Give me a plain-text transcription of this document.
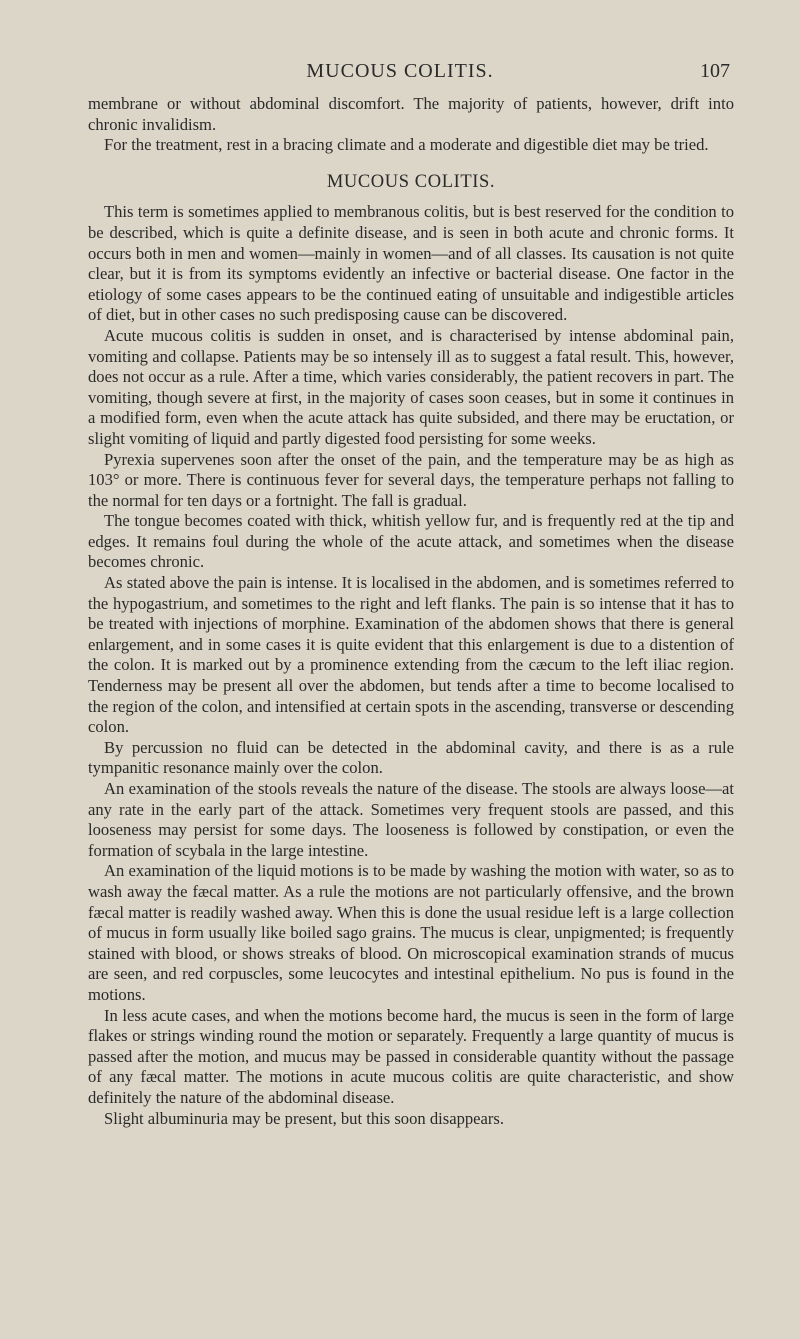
MUCOUS COLITIS.	107

membrane or without abdominal discomfort. The majority of patients, however, drift into chronic invalidism.

For the treatment, rest in a bracing climate and a moderate and digestible diet may be tried.

MUCOUS COLITIS.

This term is sometimes applied to membranous colitis, but is best reserved for the condition to be described, which is quite a definite disease, and is seen in both acute and chronic forms. It occurs both in men and women—mainly in women—and of all classes. Its causation is not quite clear, but it is from its symptoms evidently an infective or bacterial disease. One factor in the etiology of some cases appears to be the continued eating of unsuitable and indigestible articles of diet, but in other cases no such predisposing cause can be discovered.

Acute mucous colitis is sudden in onset, and is characterised by intense abdominal pain, vomiting and collapse. Patients may be so intensely ill as to suggest a fatal result. This, however, does not occur as a rule. After a time, which varies considerably, the patient recovers in part. The vomiting, though severe at first, in the majority of cases soon ceases, but in some it continues in a modified form, even when the acute attack has quite subsided, and there may be eructation, or slight vomiting of liquid and partly digested food persisting for some weeks.

Pyrexia supervenes soon after the onset of the pain, and the temperature may be as high as 103° or more. There is continuous fever for several days, the temperature perhaps not falling to the normal for ten days or a fortnight. The fall is gradual.

The tongue becomes coated with thick, whitish yellow fur, and is frequently red at the tip and edges. It remains foul during the whole of the acute attack, and sometimes when the disease becomes chronic.

As stated above the pain is intense. It is localised in the abdomen, and is sometimes referred to the hypogastrium, and sometimes to the right and left flanks. The pain is so intense that it has to be treated with injections of morphine. Examination of the abdomen shows that there is general enlargement, and in some cases it is quite evident that this enlargement is due to a distention of the colon. It is marked out by a prominence extending from the cæcum to the left iliac region. Tenderness may be present all over the abdomen, but tends after a time to become localised to the region of the colon, and intensified at certain spots in the ascending, transverse or descending colon.

By percussion no fluid can be detected in the abdominal cavity, and there is as a rule tympanitic resonance mainly over the colon.

An examination of the stools reveals the nature of the disease. The stools are always loose—at any rate in the early part of the attack. Sometimes very frequent stools are passed, and this looseness may persist for some days. The looseness is followed by constipation, or even the formation of scybala in the large intestine.

An examination of the liquid motions is to be made by washing the motion with water, so as to wash away the fæcal matter. As a rule the motions are not particularly offensive, and the brown fæcal matter is readily washed away. When this is done the usual residue left is a large collection of mucus in form usually like boiled sago grains. The mucus is clear, unpigmented; is frequently stained with blood, or shows streaks of blood. On microscopical examination strands of mucus are seen, and red corpuscles, some leucocytes and intestinal epithelium. No pus is found in the motions.

In less acute cases, and when the motions become hard, the mucus is seen in the form of large flakes or strings winding round the motion or separately. Frequently a large quantity of mucus is passed after the motion, and mucus may be passed in considerable quantity without the passage of any fæcal matter. The motions in acute mucous colitis are quite characteristic, and show definitely the nature of the abdominal disease.

Slight albuminuria may be present, but this soon disappears.
